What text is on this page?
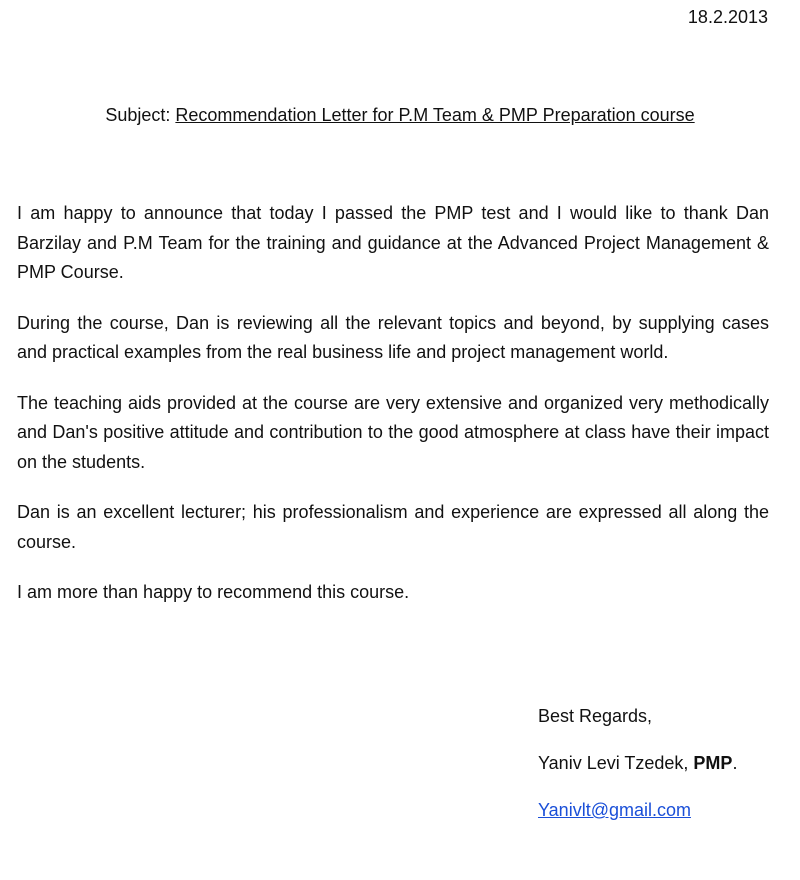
18.2.2013
Subject: Recommendation Letter for P.M Team & PMP Preparation course

I am happy to announce that today I passed the PMP test and I would like to thank Dan Barzilay and P.M Team for the training and guidance at the Advanced Project Management & PMP Course.

During the course, Dan is reviewing all the relevant topics and beyond, by supplying cases and practical examples from the real business life and project management world.

The teaching aids provided at the course are very extensive and organized very methodically and Dan's positive attitude and contribution to the good atmosphere at class have their impact on the students.

Dan is an excellent lecturer; his professionalism and experience are expressed all along the course.

I am more than happy to recommend this course.

Best Regards,
Yaniv Levi Tzedek, PMP.
Yanivlt@gmail.com
